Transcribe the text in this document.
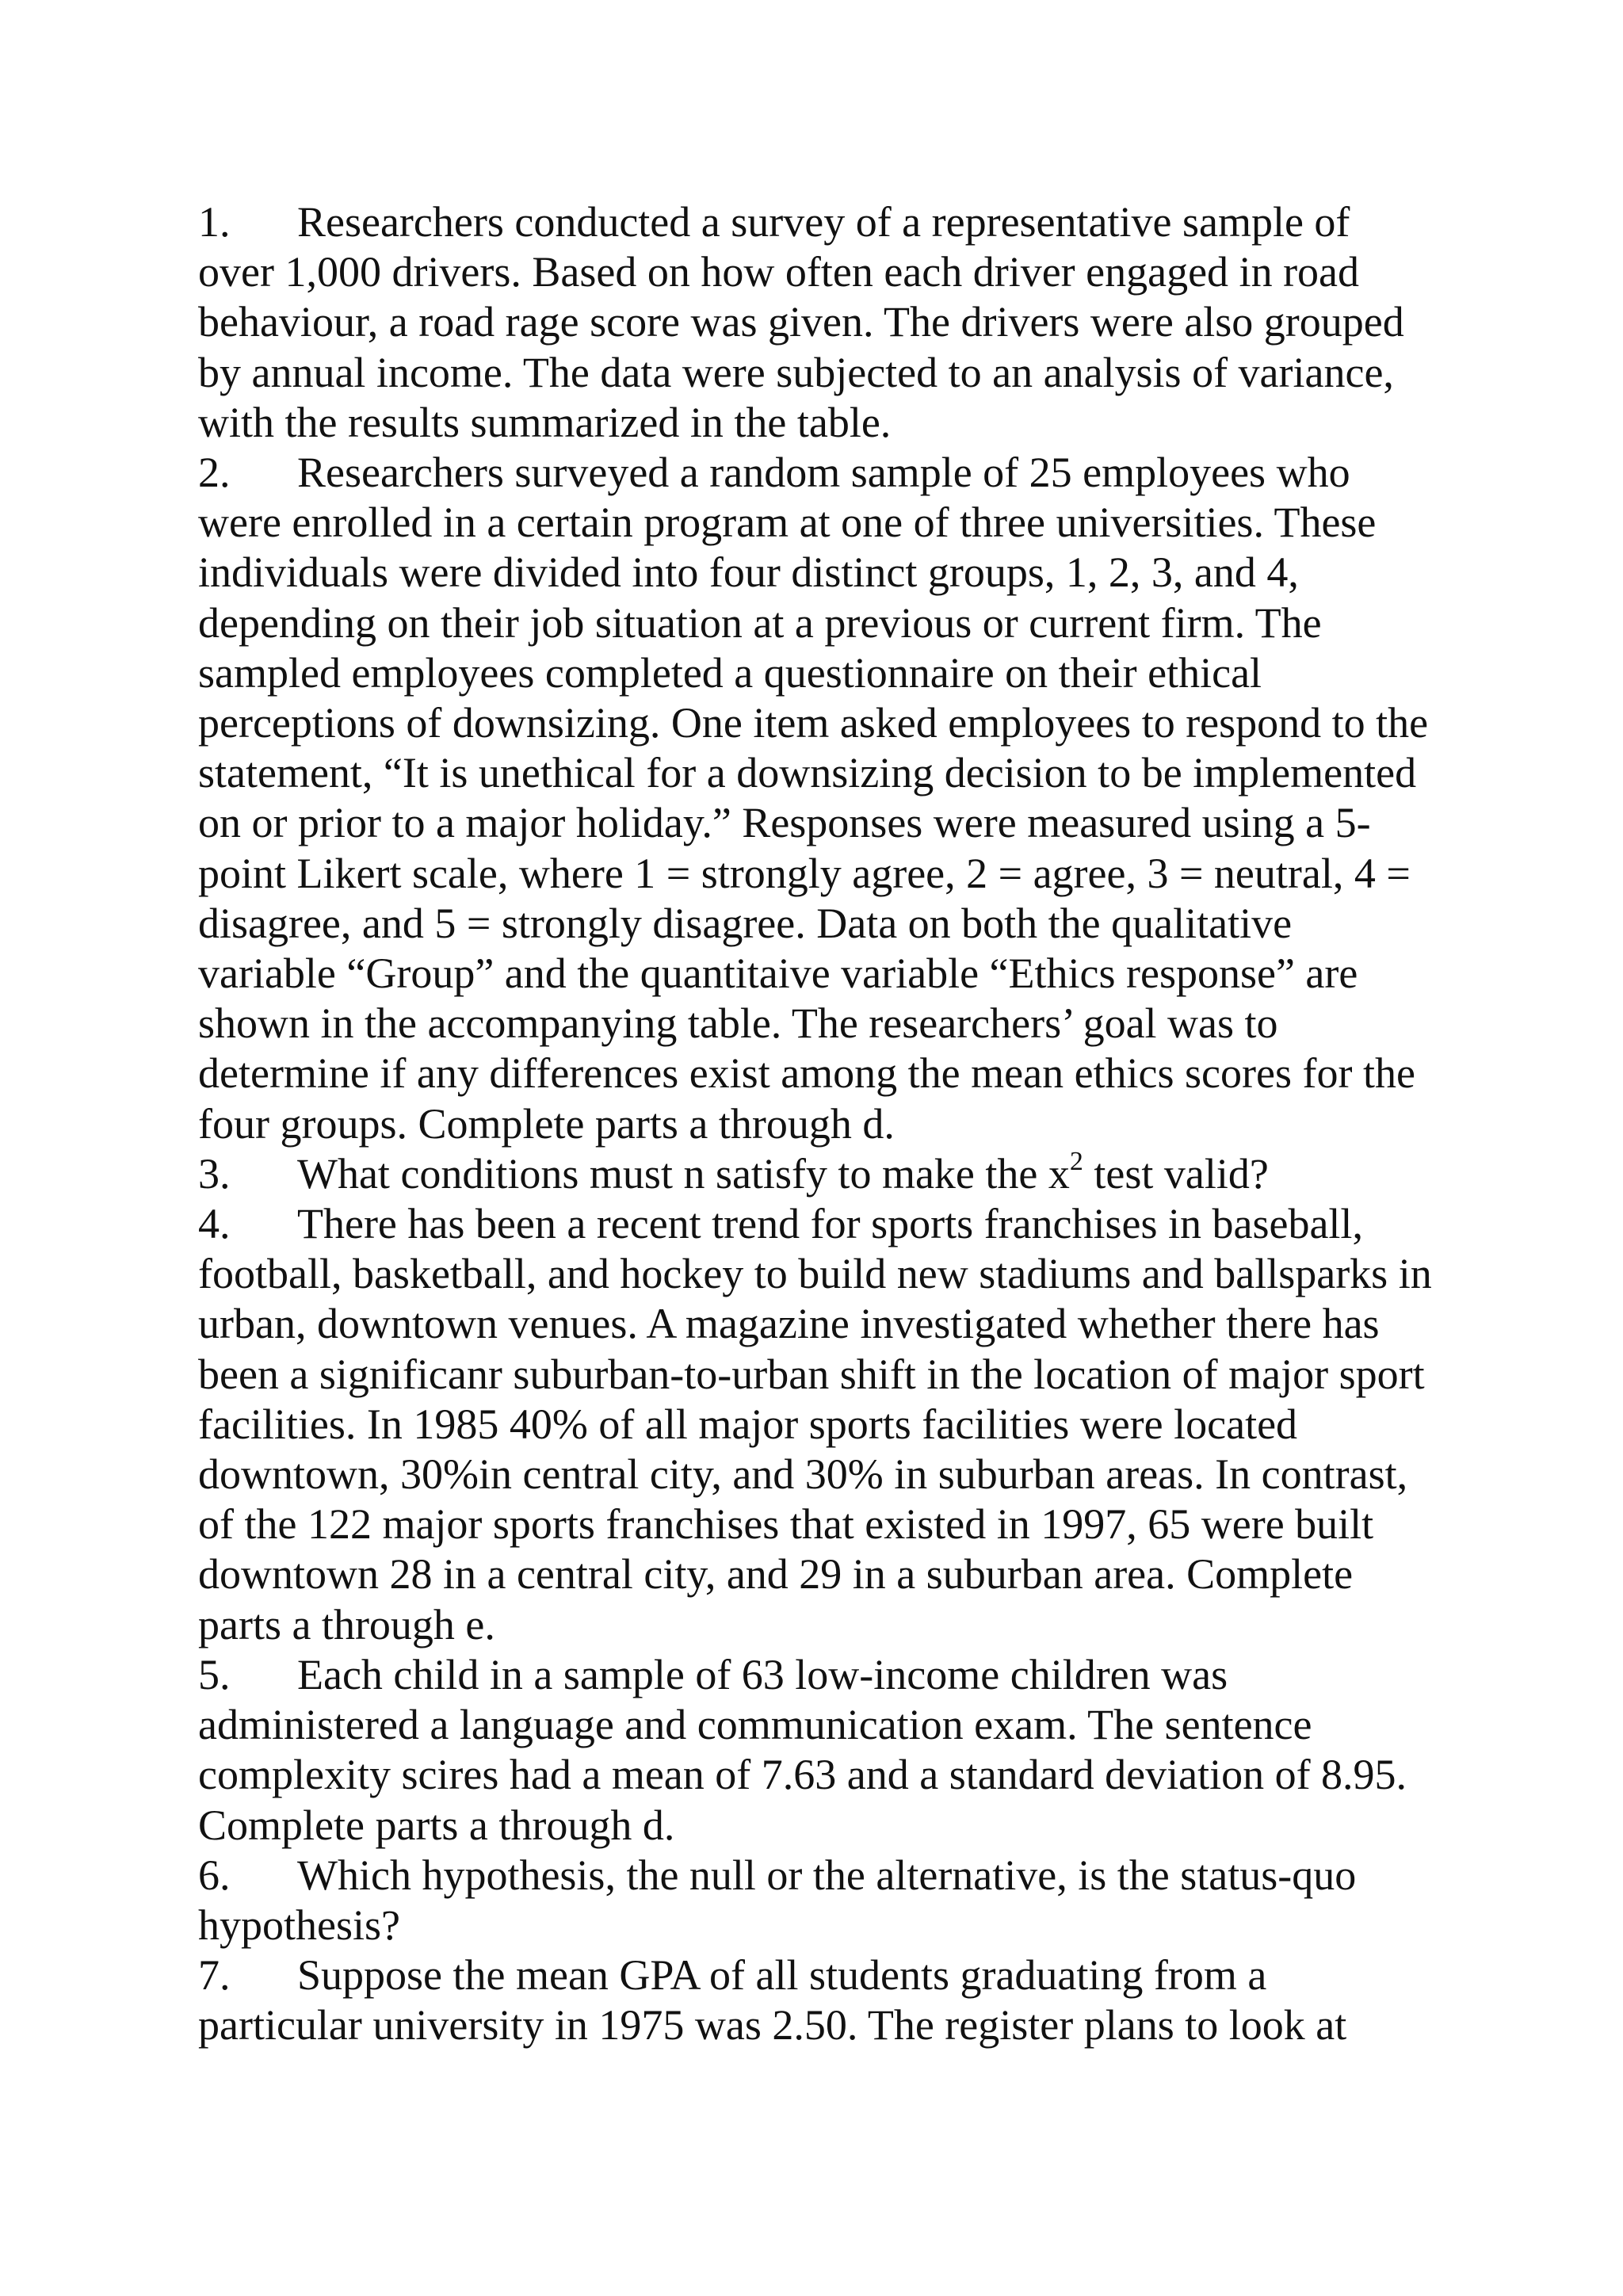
1. Researchers conducted a survey of a representative sample of over 1,000 drivers. Based on how often each driver engaged in road behaviour, a road rage score was given. The drivers were also grouped by annual income. The data were subjected to an analysis of variance, with the results summarized in the table.

2. Researchers surveyed a random sample of 25 employees who were enrolled in a certain program at one of three universities. These individuals were divided into four distinct groups, 1, 2, 3, and 4, depending on their job situation at a previous or current firm. The sampled employees completed a questionnaire on their ethical perceptions of downsizing. One item asked employees to respond to the statement, “It is unethical for a downsizing decision to be implemented on or prior to a major holiday.” Responses were measured using a 5-point Likert scale, where 1 = strongly agree, 2 = agree, 3 = neutral, 4 = disagree, and 5 = strongly disagree. Data on both the qualitative variable “Group” and the quantitaive variable “Ethics response” are shown in the accompanying table. The researchers’ goal was to determine if any differences exist among the mean ethics scores for the four groups. Complete parts a through d.

3. What conditions must n satisfy to make the $x^2$ test valid?

4. There has been a recent trend for sports franchises in baseball, football, basketball, and hockey to build new stadiums and ballsparks in urban, downtown venues. A magazine investigated whether there has been a significanr suburban-to-urban shift in the location of major sport facilities. In 1985 40% of all major sports facilities were located downtown, 30%in central city, and 30% in suburban areas. In contrast, of the 122 major sports franchises that existed in 1997, 65 were built downtown 28 in a central city, and 29 in a suburban area. Complete parts a through e.

5. Each child in a sample of 63 low-income children was administered a language and communication exam. The sentence complexity scires had a mean of 7.63 and a standard deviation of 8.95. Complete parts a through d.

6. Which hypothesis, the null or the alternative, is the status-quo hypothesis?

7. Suppose the mean GPA of all students graduating from a particular university in 1975 was 2.50. The register plans to look at
